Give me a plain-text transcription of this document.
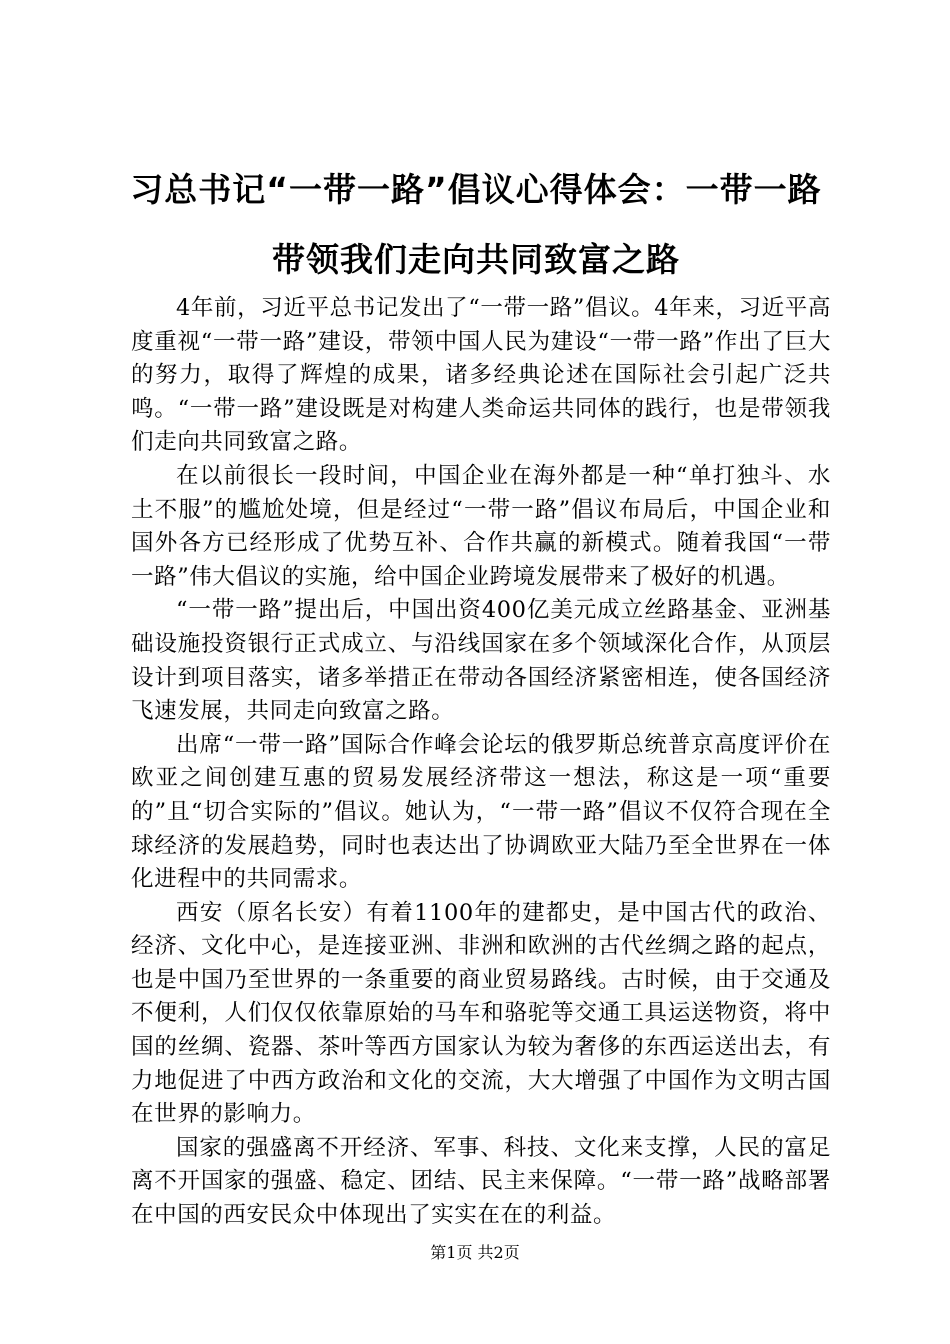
习总书记“一带一路”倡议心得体会：一带一路带领我们走向共同致富之路

4年前，习近平总书记发出了“一带一路”倡议。4年来，习近平高度重视“一带一路”建设，带领中国人民为建设“一带一路”作出了巨大的努力，取得了辉煌的成果，诸多经典论述在国际社会引起广泛共鸣。“一带一路”建设既是对构建人类命运共同体的践行，也是带领我们走向共同致富之路。

在以前很长一段时间，中国企业在海外都是一种“单打独斗、水土不服”的尴尬处境，但是经过“一带一路”倡议布局后，中国企业和国外各方已经形成了优势互补、合作共赢的新模式。随着我国“一带一路”伟大倡议的实施，给中国企业跨境发展带来了极好的机遇。

“一带一路”提出后，中国出资400亿美元成立丝路基金、亚洲基础设施投资银行正式成立、与沿线国家在多个领域深化合作，从顶层设计到项目落实，诸多举措正在带动各国经济紧密相连，使各国经济飞速发展，共同走向致富之路。

出席“一带一路”国际合作峰会论坛的俄罗斯总统普京高度评价在欧亚之间创建互惠的贸易发展经济带这一想法，称这是一项“重要的”且“切合实际的”倡议。她认为，“一带一路”倡议不仅符合现在全球经济的发展趋势，同时也表达出了协调欧亚大陆乃至全世界在一体化进程中的共同需求。

西安（原名长安）有着1100年的建都史，是中国古代的政治、经济、文化中心，是连接亚洲、非洲和欧洲的古代丝绸之路的起点，也是中国乃至世界的一条重要的商业贸易路线。古时候，由于交通及不便利，人们仅仅依靠原始的马车和骆驼等交通工具运送物资，将中国的丝绸、瓷器、茶叶等西方国家认为较为奢侈的东西运送出去，有力地促进了中西方政治和文化的交流，大大增强了中国作为文明古国在世界的影响力。

国家的强盛离不开经济、军事、科技、文化来支撑，人民的富足离不开国家的强盛、稳定、团结、民主来保障。“一带一路”战略部署在中国的西安民众中体现出了实实在在的利益。

第1页 共2页
